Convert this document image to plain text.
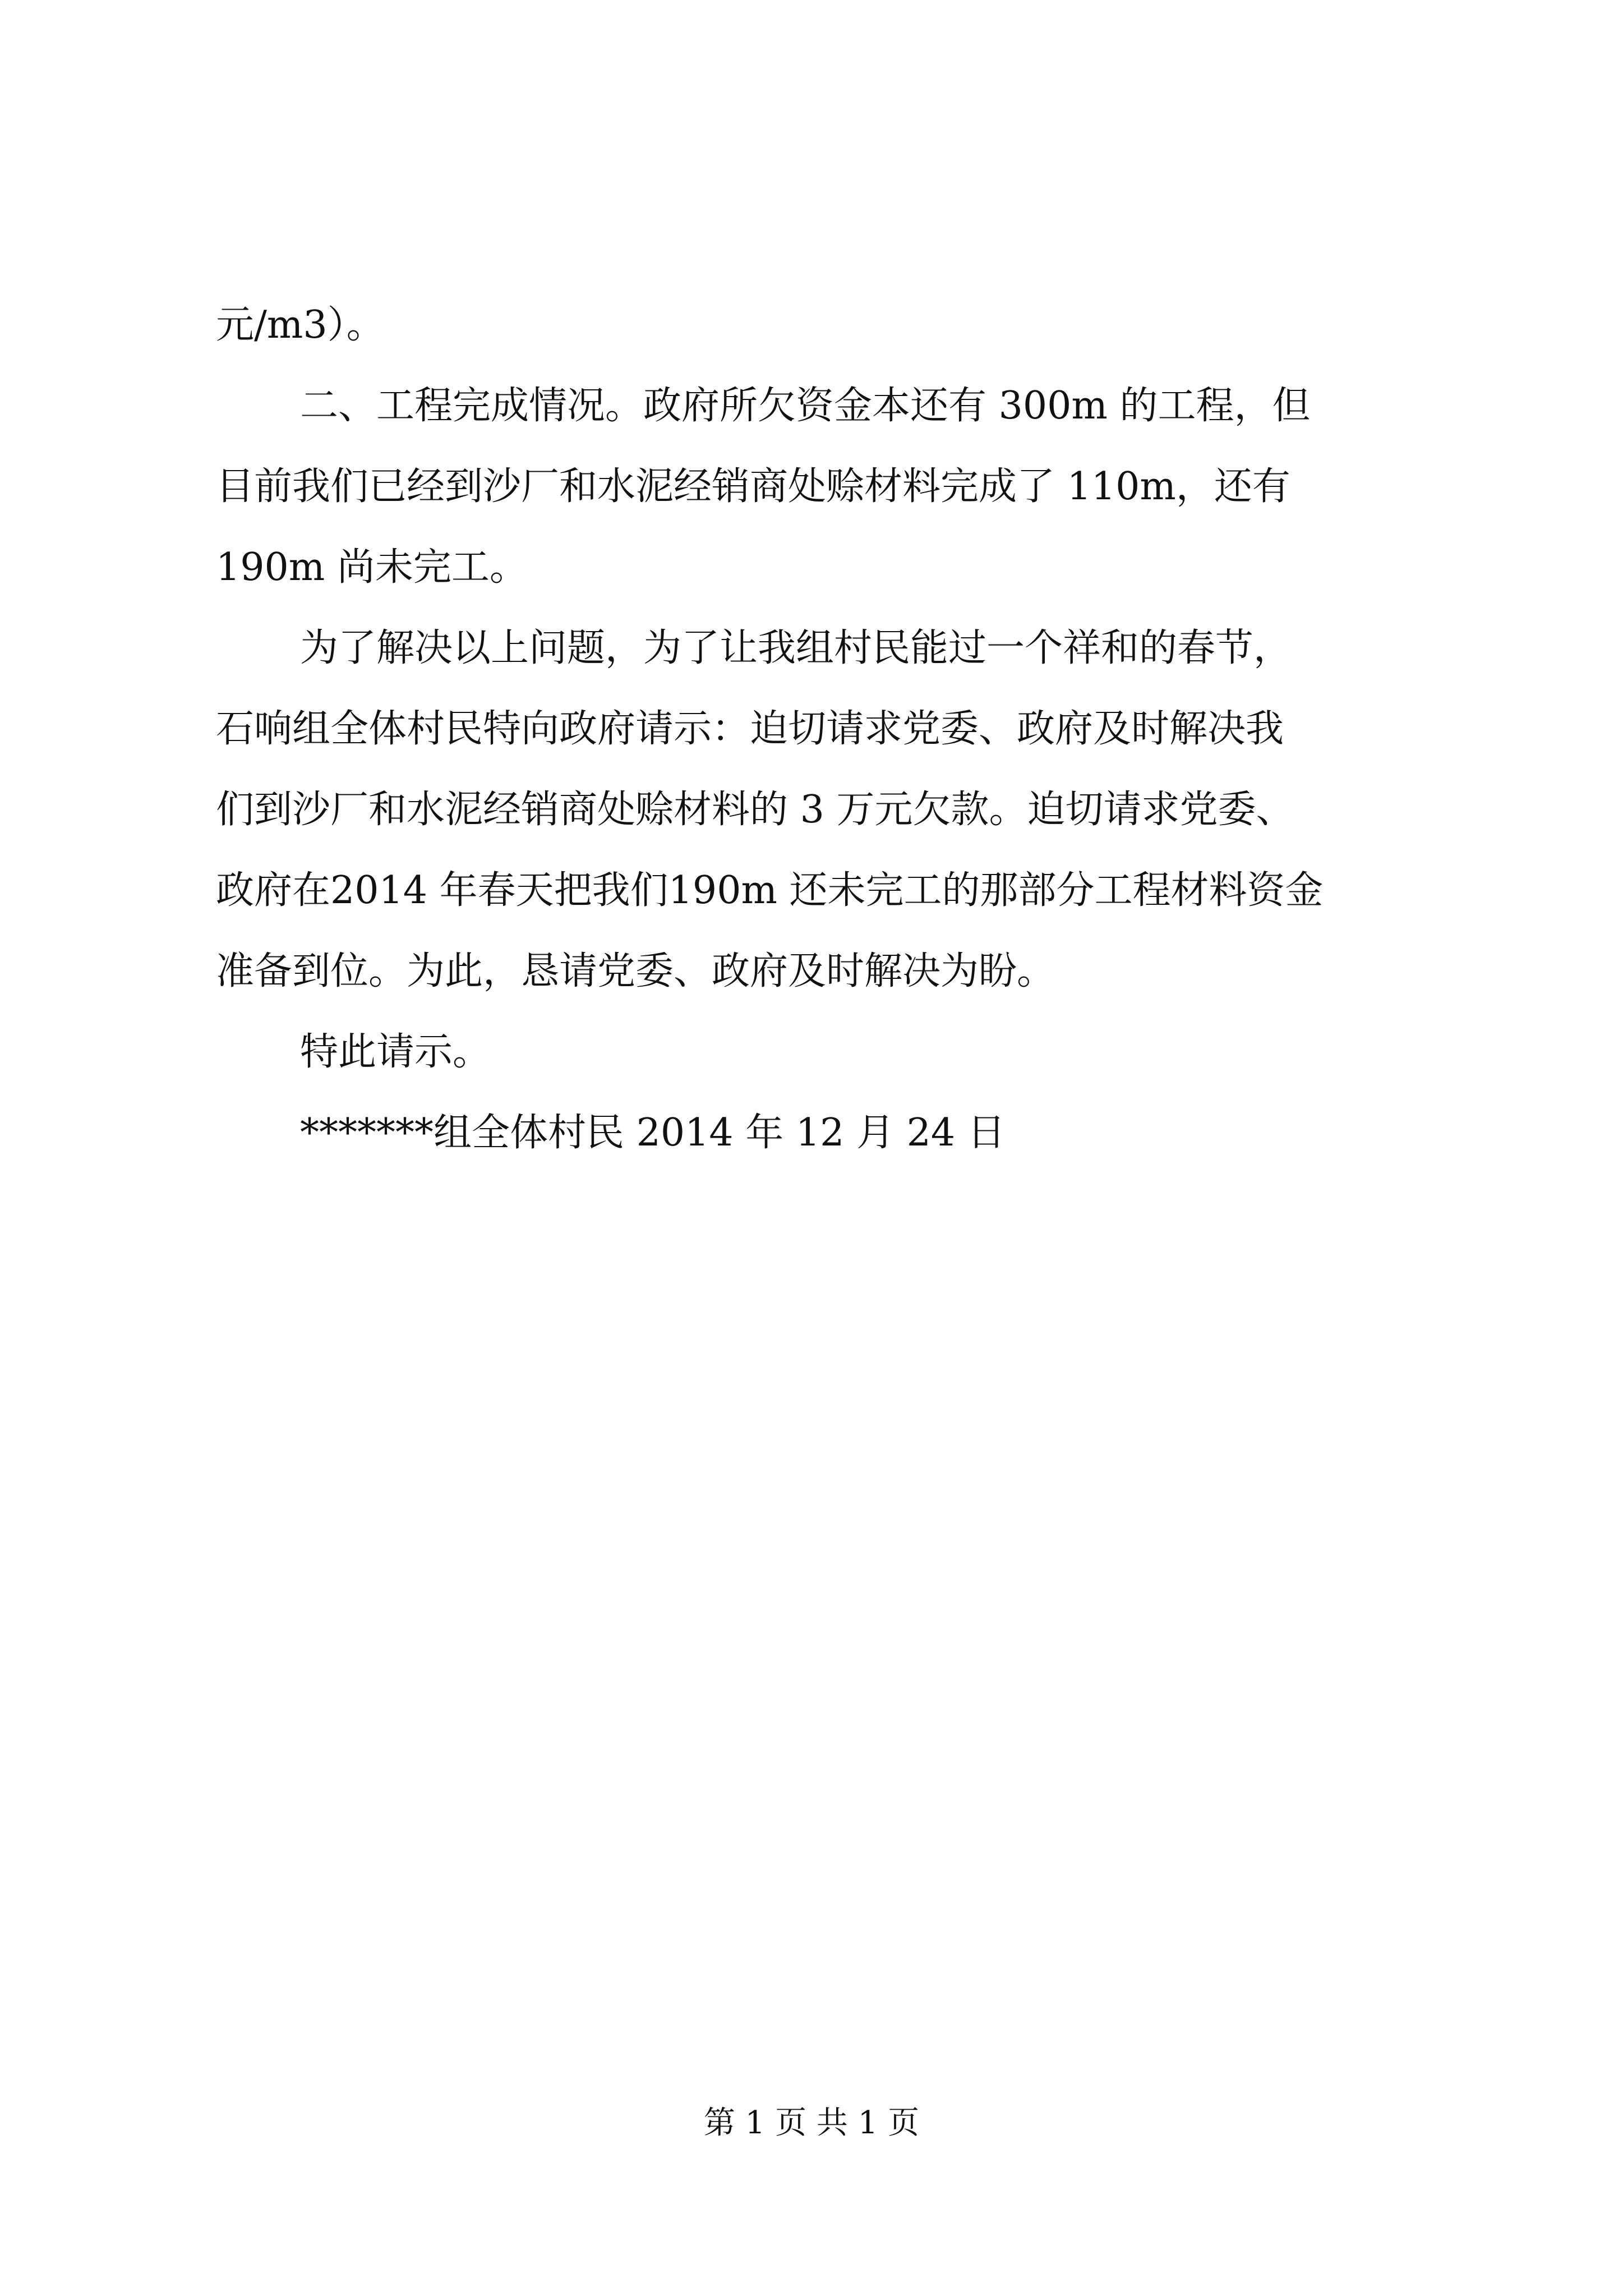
元/m3）。
二、工程完成情况。政府所欠资金本还有 300m 的工程，但
目前我们已经到沙厂和水泥经销商处赊材料完成了 110m，还有
190m 尚未完工。
为了解决以上问题，为了让我组村民能过一个祥和的春节，
石响组全体村民特向政府请示：迫切请求党委、政府及时解决我
们到沙厂和水泥经销商处赊材料的 3 万元欠款。迫切请求党委、
政府在2014 年春天把我们190m 还未完工的那部分工程材料资金
准备到位。为此，恳请党委、政府及时解决为盼。
特此请示。
*******组全体村民 2014 年 12 月 24 日
第 1 页 共 1 页
